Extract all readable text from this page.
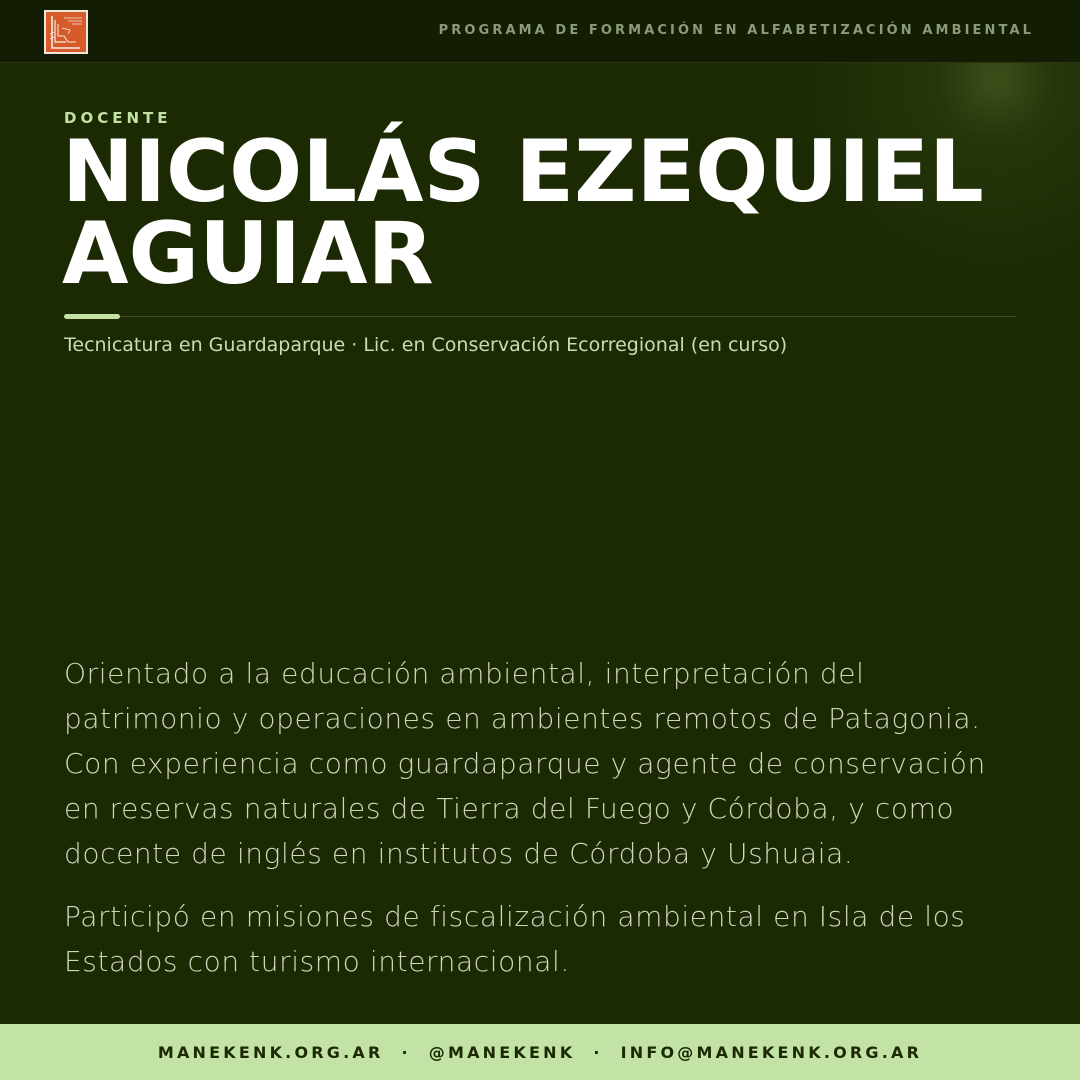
PROGRAMA DE FORMACIÓN EN ALFABETIZACIÓN AMBIENTAL
DOCENTE
NICOLÁS EZEQUIEL
AGUIAR
Tecnicatura en Guardaparque · Lic. en Conservación Ecorregional (en curso)

Orientado a la educación ambiental, interpretación del patrimonio y operaciones en ambientes remotos de Patagonia. Con experiencia como guardaparque y agente de conservación en reservas naturales de Tierra del Fuego y Córdoba, y como docente de inglés en institutos de Córdoba y Ushuaia.

Participó en misiones de fiscalización ambiental en Isla de los Estados con turismo internacional.

MANEKENK.ORG.AR · @MANEKENK · INFO@MANEKENK.ORG.AR
